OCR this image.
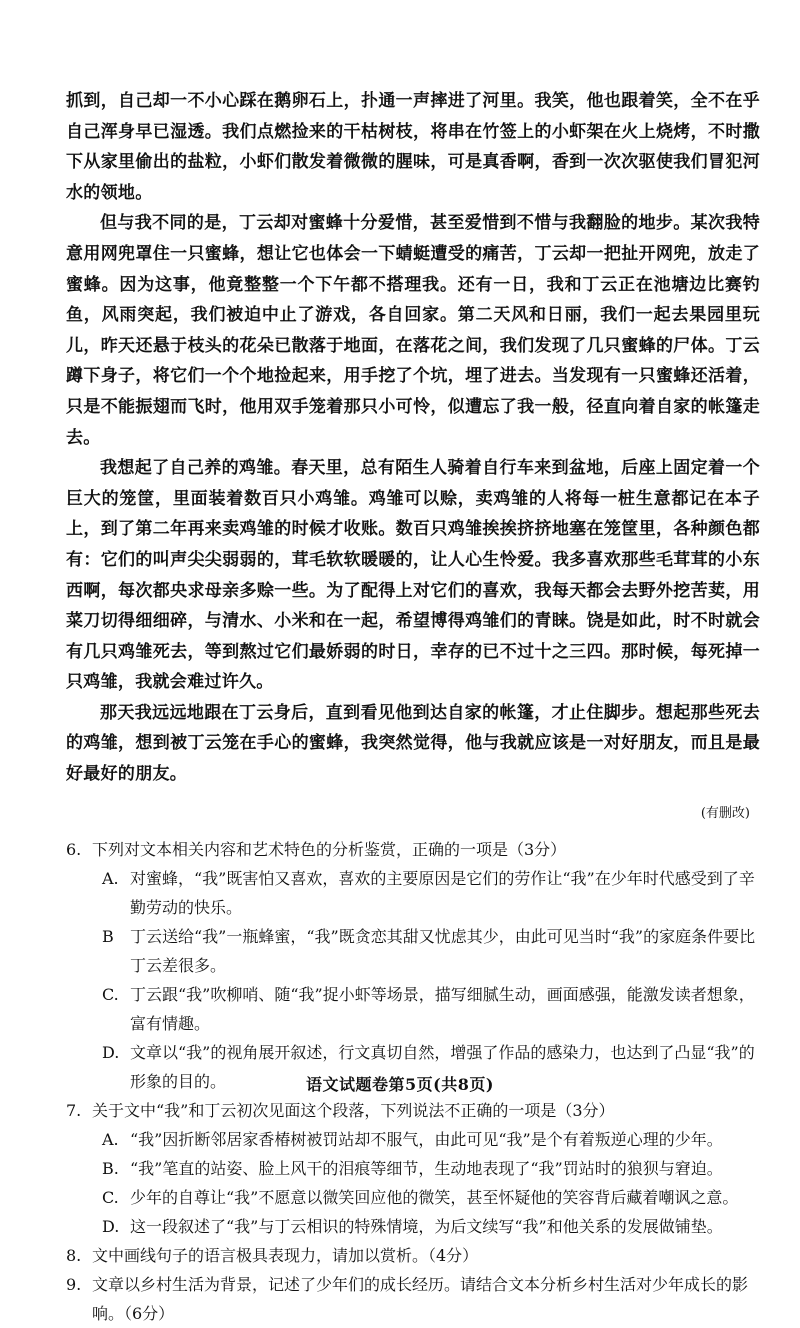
抓到，自己却一不小心踩在鹅卵石上，扑通一声摔进了河里。我笑，他也跟着笑，全不在乎自己浑身早已湿透。我们点燃捡来的干枯树枝，将串在竹签上的小虾架在火上烧烤，不时撒下从家里偷出的盐粒，小虾们散发着微微的腥味，可是真香啊，香到一次次驱使我们冒犯河水的领地。

但与我不同的是，丁云却对蜜蜂十分爱惜，甚至爱惜到不惜与我翻脸的地步。某次我特意用网兜罩住一只蜜蜂，想让它也体会一下蜻蜓遭受的痛苦，丁云却一把扯开网兜，放走了蜜蜂。因为这事，他竟整整一个下午都不搭理我。还有一日，我和丁云正在池塘边比赛钓鱼，风雨突起，我们被迫中止了游戏，各自回家。第二天风和日丽，我们一起去果园里玩儿，昨天还悬于枝头的花朵已散落于地面，在落花之间，我们发现了几只蜜蜂的尸体。丁云蹲下身子，将它们一个个地捡起来，用手挖了个坑，埋了进去。当发现有一只蜜蜂还活着，只是不能振翅而飞时，他用双手笼着那只小可怜，似遭忘了我一般，径直向着自家的帐篷走去。

我想起了自己养的鸡雏。春天里，总有陌生人骑着自行车来到盆地，后座上固定着一个巨大的笼筐，里面装着数百只小鸡雏。鸡雏可以赊，卖鸡雏的人将每一桩生意都记在本子上，到了第二年再来卖鸡雏的时候才收账。数百只鸡雏挨挨挤挤地塞在笼筐里，各种颜色都有：它们的叫声尖尖弱弱的，茸毛软软暖暖的，让人心生怜爱。我多喜欢那些毛茸茸的小东西啊，每次都央求母亲多赊一些。为了配得上对它们的喜欢，我每天都会去野外挖苦荬，用菜刀切得细细碎，与清水、小米和在一起，希望博得鸡雏们的青睐。饶是如此，时不时就会有几只鸡雏死去，等到熬过它们最娇弱的时日，幸存的已不过十之三四。那时候，每死掉一只鸡雏，我就会难过许久。

那天我远远地跟在丁云身后，直到看见他到达自家的帐篷，才止住脚步。想起那些死去的鸡雏，想到被丁云笼在手心的蜜蜂，我突然觉得，他与我就应该是一对好朋友，而且是最好最好的朋友。

(有删改)

6. 下列对文本相关内容和艺术特色的分析鉴赏，正确的一项是（3分）

A. 对蜜蜂，“我”既害怕又喜欢，喜欢的主要原因是它们的劳作让“我”在少年时代感受到了辛勤劳动的快乐。

B 丁云送给“我”一瓶蜂蜜，“我”既贪恋其甜又忧虑其少，由此可见当时“我”的家庭条件要比丁云差很多。

C. 丁云跟“我”吹柳哨、随“我”捉小虾等场景，描写细腻生动，画面感强，能激发读者想象，富有情趣。

D. 文章以“我”的视角展开叙述，行文真切自然，增强了作品的感染力，也达到了凸显“我”的形象的目的。

7. 关于文中“我”和丁云初次见面这个段落，下列说法不正确的一项是（3分）

A. “我”因折断邻居家香椿树被罚站却不服气，由此可见“我”是个有着叛逆心理的少年。

B. “我”笔直的站姿、脸上风干的泪痕等细节，生动地表现了“我”罚站时的狼狈与窘迫。

C. 少年的自尊让“我”不愿意以微笑回应他的微笑，甚至怀疑他的笑容背后藏着嘲讽之意。

D. 这一段叙述了“我”与丁云相识的特殊情境，为后文续写“我”和他关系的发展做铺垫。

8. 文中画线句子的语言极具表现力，请加以赏析。（4分）

9. 文章以乡村生活为背景，记述了少年们的成长经历。请结合文本分析乡村生活对少年成长的影响。（6分）

语文试题卷第5页(共8页)
